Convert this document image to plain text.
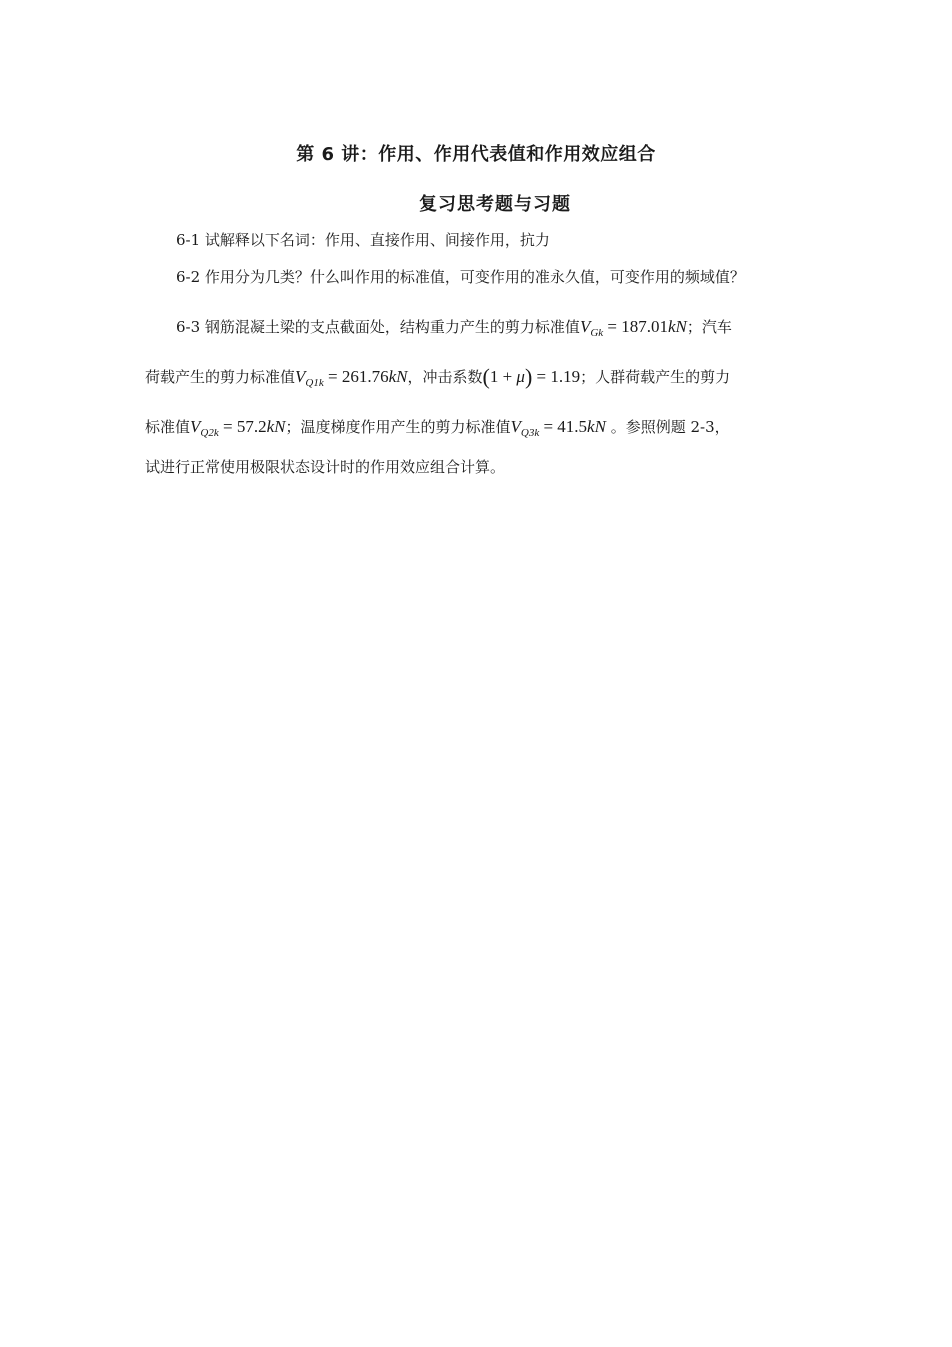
第 6 讲：作用、作用代表值和作用效应组合
复习思考题与习题
6-1 试解释以下名词：作用、直接作用、间接作用，抗力
6-2 作用分为几类？什么叫作用的标准值，可变作用的准永久值，可变作用的频域值？
6-3 钢筋混凝土梁的支点截面处，结构重力产生的剪力标准值$V_{Gk} = 187.01kN$；汽车
荷载产生的剪力标准值$V_{Q1k} = 261.76kN$，冲击系数(1 + μ) = 1.19；人群荷载产生的剪力
标准值$V_{Q2k} = 57.2kN$；温度梯度作用产生的剪力标准值$V_{Q3k} = 41.5kN$ 。参照例题 2-3，
试进行正常使用极限状态设计时的作用效应组合计算。
